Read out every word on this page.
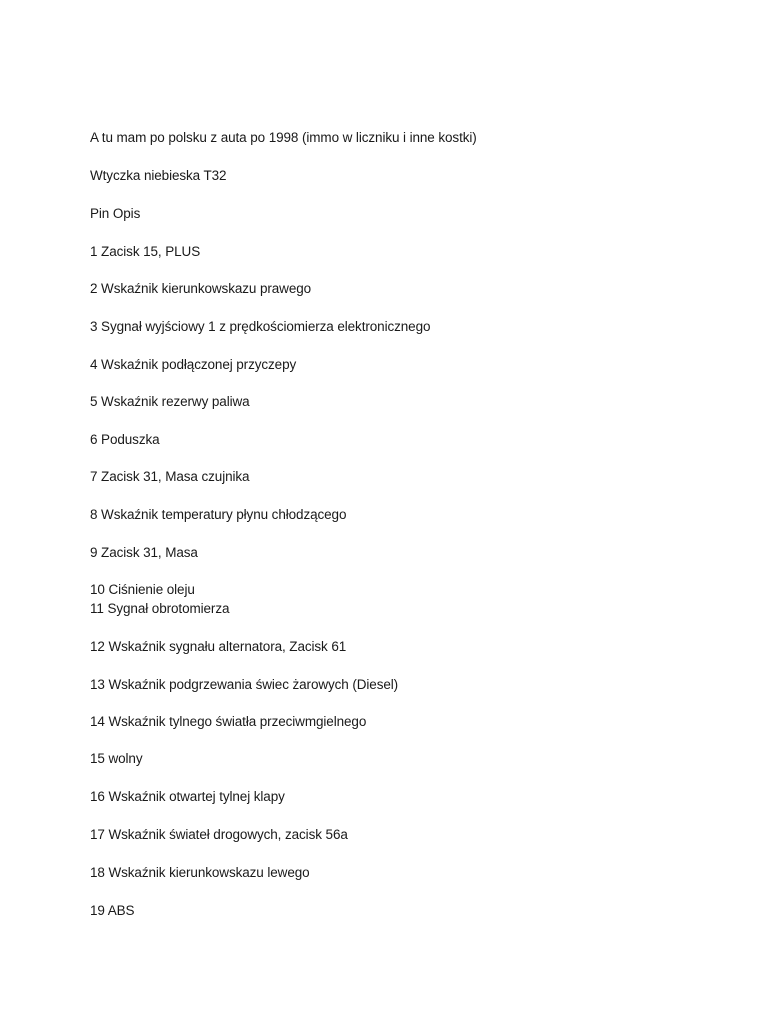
A tu mam po polsku z auta po 1998 (immo w liczniku i inne kostki)
Wtyczka niebieska T32
Pin Opis
1 Zacisk 15, PLUS
2 Wskaźnik kierunkowskazu prawego
3 Sygnał wyjściowy 1 z prędkościomierza elektronicznego
4 Wskaźnik podłączonej przyczepy
5 Wskaźnik rezerwy paliwa
6 Poduszka
7 Zacisk 31, Masa czujnika
8 Wskaźnik temperatury płynu chłodzącego
9 Zacisk 31, Masa
10 Ciśnienie oleju
11 Sygnał obrotomierza
12 Wskaźnik sygnału alternatora, Zacisk 61
13 Wskaźnik podgrzewania świec żarowych (Diesel)
14 Wskaźnik tylnego światła przeciwmgielnego
15 wolny
16 Wskaźnik otwartej tylnej klapy
17 Wskaźnik świateł drogowych, zacisk 56a
18 Wskaźnik kierunkowskazu lewego
19 ABS
